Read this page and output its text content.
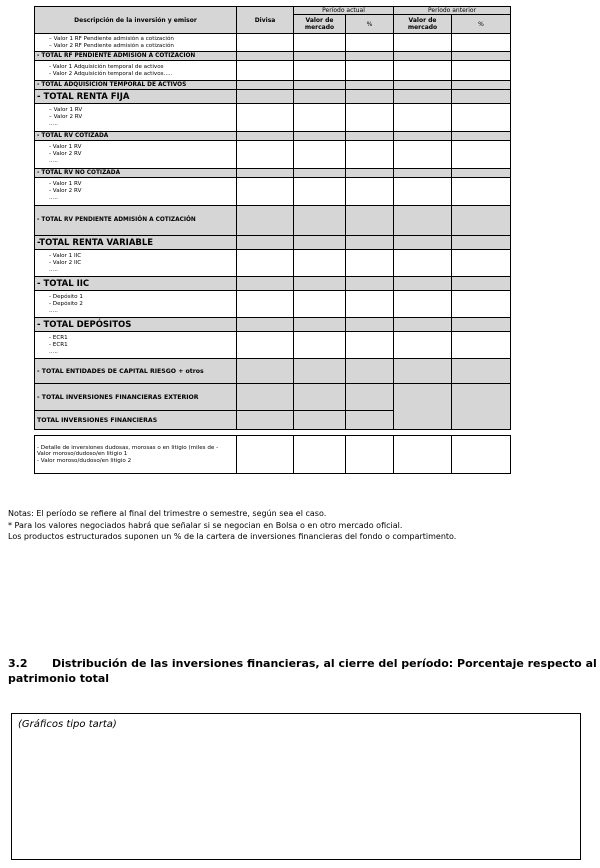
Descripción de la inversión y emisor	Divisa	Período actual		Período anterior	
		Valor de mercado	%	Valor de mercado	%
– Valor 1 RF Pendiente admisión a cotización
– Valor 2 RF Pendiente admisión a cotización					
- TOTAL RF PENDIENTE ADMISION A COTIZACION					
- Valor 1 Adquisición temporal de activos
- Valor 2 Adquisición temporal de activos.....					
- TOTAL ADQUISICIÓN TEMPORAL DE ACTIVOS					
- TOTAL RENTA FIJA					
– Valor 1 RV
– Valor 2 RV
.....					
- TOTAL RV COTIZADA					
- Valor 1 RV
- Valor 2 RV
.....					
- TOTAL RV NO COTIZADA					
- Valor 1 RV
- Valor 2 RV
.....					
- TOTAL RV PENDIENTE ADMISIÓN A COTIZACIÓN					
-TOTAL RENTA VARIABLE					
- Valor 1 IIC
- Valor 2 IIC
.....					
- TOTAL IIC					
- Depósito 1
- Depósito 2
.....					
- TOTAL DEPÓSITOS					
- ECR1
- ECR1
.....					
- TOTAL ENTIDADES DE CAPITAL RIESGO + otros					
- TOTAL INVERSIONES FINANCIERAS EXTERIOR					
TOTAL INVERSIONES FINANCIERAS					

- Detalle de inversiones dudosas, morosas o en litigio (miles de - Valor moroso/dudoso/en litigio 1
- Valor moroso/dudoso/en litigio 2					

Notas: El período se refiere al final del trimestre o semestre, según sea el caso.

* Para los valores negociados habrá que señalar si se negocian en Bolsa o en otro mercado oficial.

Los productos estructurados suponen un % de la cartera de inversiones financieras del fondo o compartimento.

3.2 Distribución de las inversiones financieras, al cierre del período: Porcentaje respecto al patrimonio total
(Gráficos tipo tarta)
